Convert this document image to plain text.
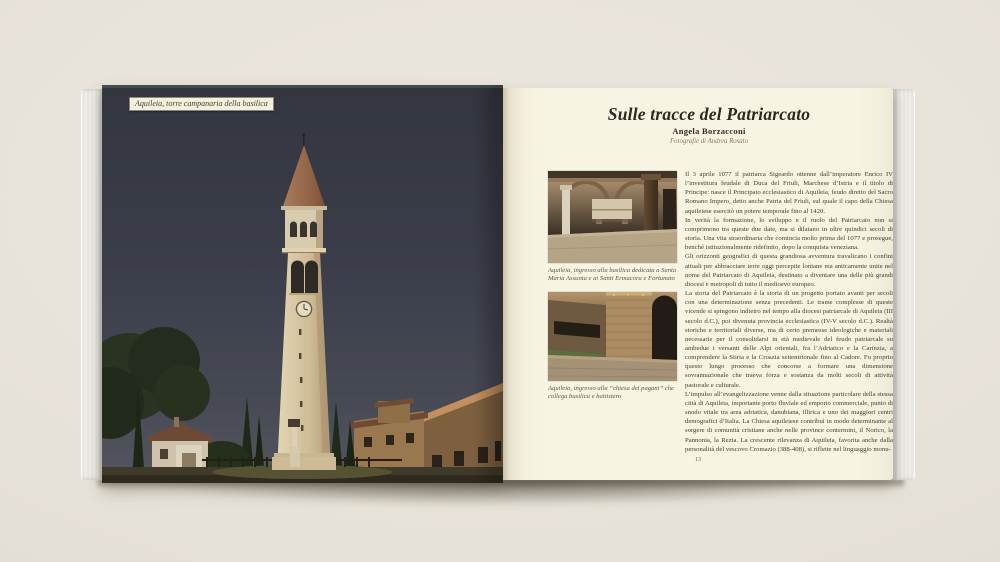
Aquileia, torre campanaria della basilica
Sulle tracce del Patriarcato
Angela Borzacconi
Fotografie di Andrea Rosato

Aquileia, ingresso alla basilica dedicata a Santa Maria Assunta e ai Santi Ermacora e Fortunato

Aquileia, ingresso alla “chiesa dei pagani” che collega basilica e battistero

Il 3 aprile 1077 il patriarca Sigeardo ottenne dall’imperatore Enrico IV l’investitura feudale di Duca del Friuli, Marchese d’Istria e il titolo di Principe: nasce il Principato ecclesiastico di Aquileia, feudo diretto del Sacro Romano Impero, detto anche Patria del Friuli, sul quale il capo della Chiesa aquileiese esercitò un potere temporale fino al 1420.

In verità la formazione, lo sviluppo e il ruolo del Patriarcato non si comprimono tra queste due date, ma si dilatano in oltre quindici secoli di storia. Una vita straordinaria che comincia molto prima del 1077 e prosegue, benché istituzionalmente ridefinito, dopo la conquista veneziana.

Gli orizzonti geografici di questa grandiosa avventura travalicano i confini attuali per abbracciare terre oggi percepite lontane ma anticamente unite nel nome del Patriarcato di Aquileia, destinato a diventare una delle più grandi diocesi e metropoli di tutto il medioevo europeo.

La storia del Patriarcato è la storia di un progetto portato avanti per secoli con una determinazione senza precedenti. Le trame complesse di queste vicende si spingono indietro nel tempo alla diocesi patriarcale di Aquileia (III secolo d.C.), poi divenuta provincia ecclesiastica (IV-V secolo d.C.). Realtà storiche e territoriali diverse, ma di certo premesse ideologiche e materiali necessarie per il consolidarsi in età medievale del feudo patriarcale su ambedue i versanti delle Alpi orientali, fra l’Adriatico e la Carinzia, a comprendere la Stiria e la Croazia settentrionale fino al Cadore. Fu proprio questo lungo processo che concorse a formare una dimensione sovrannazionale che traeva forza e sostanza da molti secoli di attività pastorale e culturale.

L’impulso all’evangelizzazione venne dalla situazione particolare della stessa città di Aquileia, importante porto fluviale ed emporio commerciale, punto di snodo vitale tra area adriatica, danubiana, illirica e uno dei maggiori centri demografici d’Italia. La Chiesa aquileiese contribuì in modo determinante al sorgere di comunità cristiane anche nelle province contermini, il Norico, la Pannonia, la Rezia. La crescente rilevanza di Aquileia, favorita anche dalla personalità del vescovo Cromazio (388-408), si riflette nel linguaggio monu-

13
